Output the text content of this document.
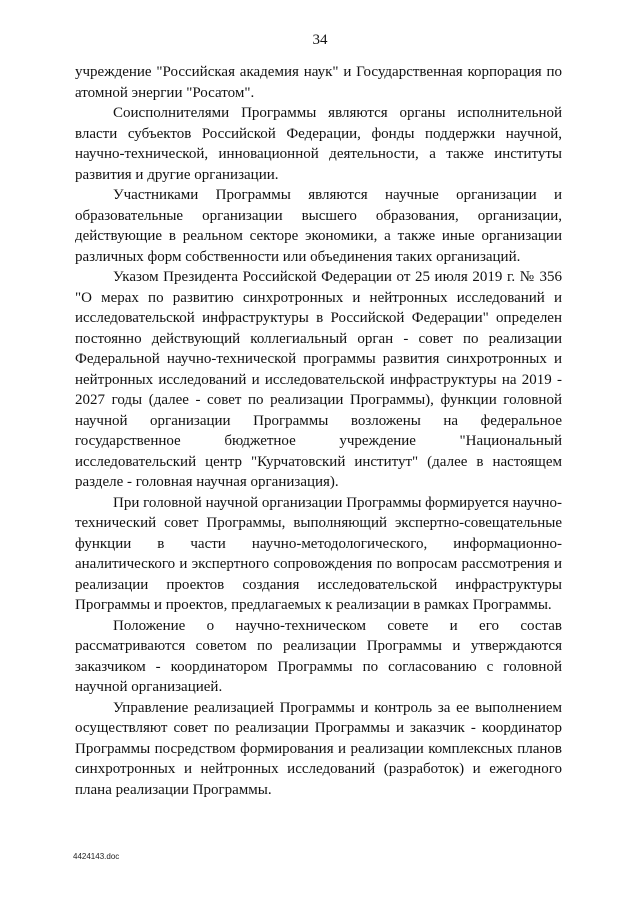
34

учреждение "Российская академия наук" и Государственная корпорация по атомной энергии "Росатом".

Соисполнителями Программы являются органы исполнительной власти субъектов Российской Федерации, фонды поддержки научной, научно-технической, инновационной деятельности, а также институты развития и другие организации.

Участниками Программы являются научные организации и образовательные организации высшего образования, организации, действующие в реальном секторе экономики, а также иные организации различных форм собственности или объединения таких организаций.

Указом Президента Российской Федерации от 25 июля 2019 г. № 356 "О мерах по развитию синхротронных и нейтронных исследований и исследовательской инфраструктуры в Российской Федерации" определен постоянно действующий коллегиальный орган - совет по реализации Федеральной научно-технической программы развития синхротронных и нейтронных исследований и исследовательской инфраструктуры на 2019 - 2027 годы (далее - совет по реализации Программы), функции головной научной организации Программы возложены на федеральное государственное бюджетное учреждение "Национальный исследовательский центр "Курчатовский институт" (далее в настоящем разделе - головная научная организация).

При головной научной организации Программы формируется научно-технический совет Программы, выполняющий экспертно-совещательные функции в части научно-методологического, информационно-аналитического и экспертного сопровождения по вопросам рассмотрения и реализации проектов создания исследовательской инфраструктуры Программы и проектов, предлагаемых к реализации в рамках Программы.

Положение о научно-техническом совете и его состав рассматриваются советом по реализации Программы и утверждаются заказчиком - координатором Программы по согласованию с головной научной организацией.

Управление реализацией Программы и контроль за ее выполнением осуществляют совет по реализации Программы и заказчик - координатор Программы посредством формирования и реализации комплексных планов синхротронных и нейтронных исследований (разработок) и ежегодного плана реализации Программы.

4424143.doc
